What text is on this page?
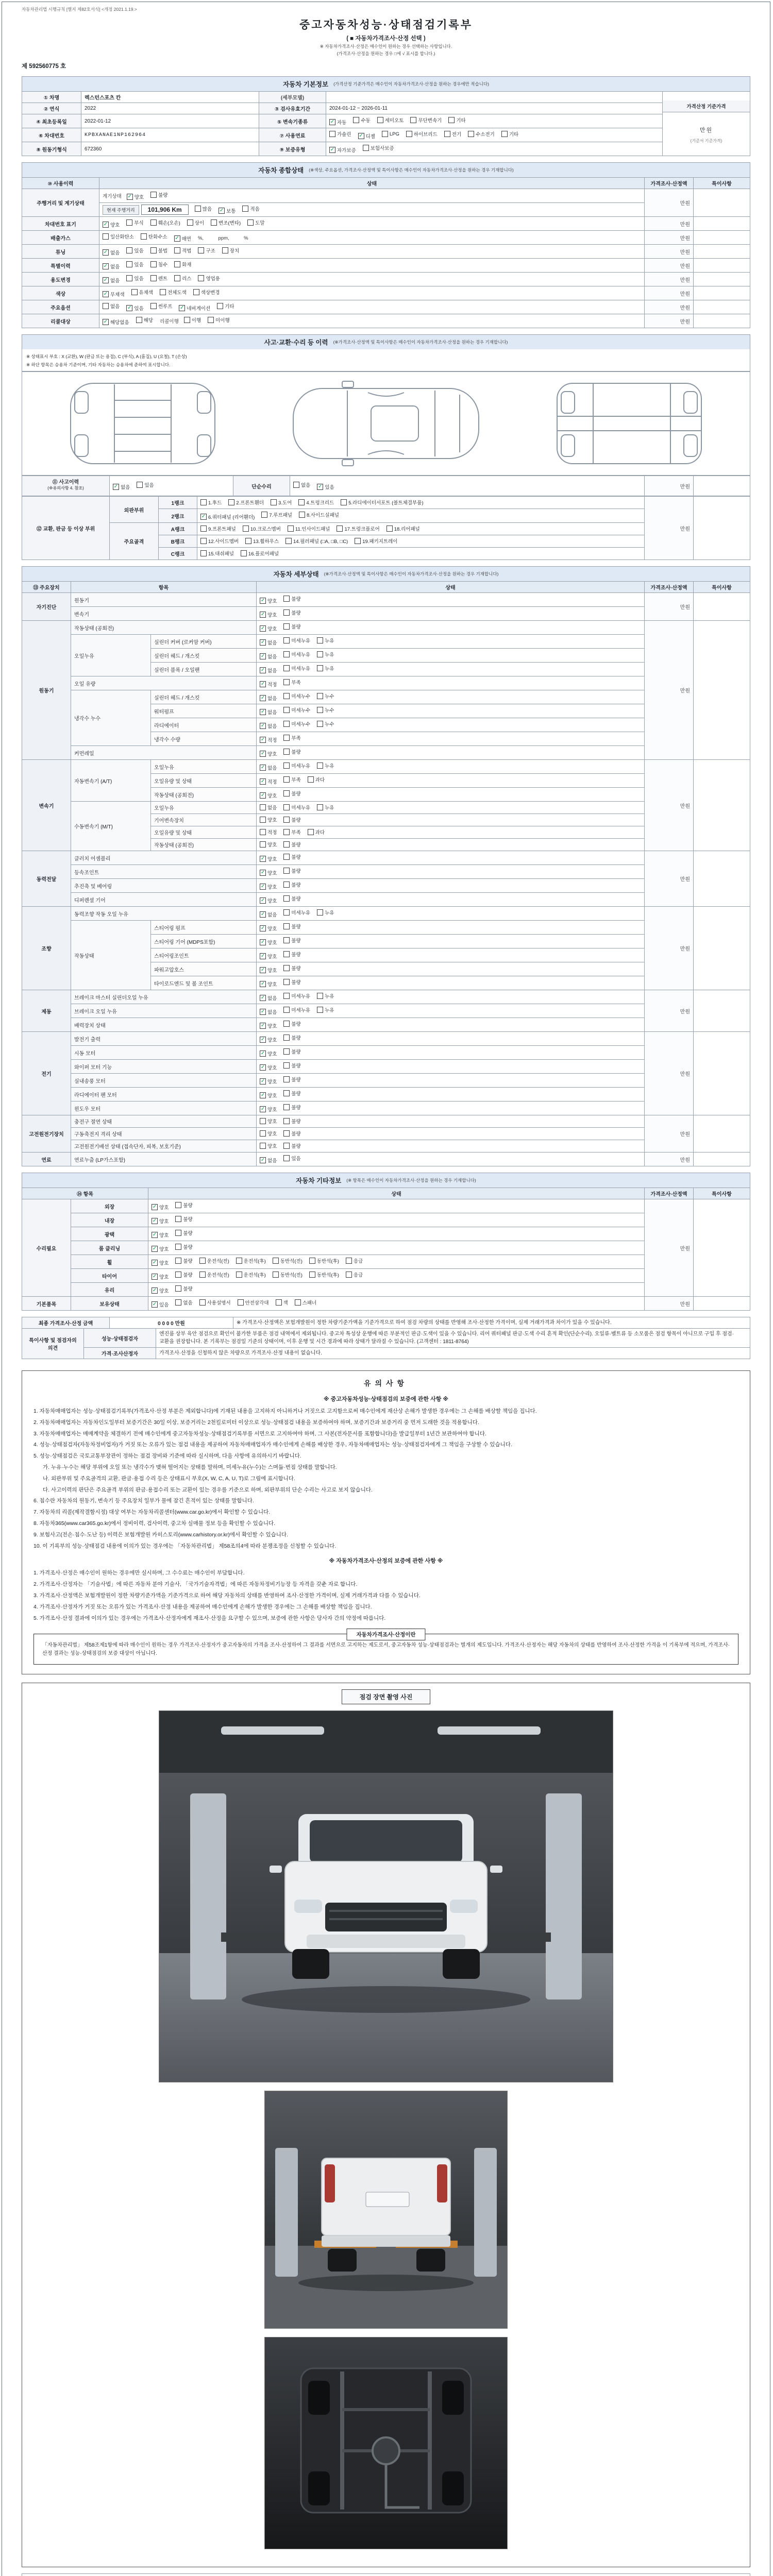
자동차관리법 시행규칙 [별지 제82호서식] <개정 2021.1.19.>
중고자동차성능·상태점검기록부
( ■ 자동차가격조사·산정 선택 )
※ 자동차가격조사·산정은 매수인이 원하는 경우 선택하는 사항입니다.
(가격조사·산정을 원하는 경우 □에 √ 표시를 합니다.)
제 592560775 호
자동차 기본정보 (가격산정 기준가격은 매수인이 자동차가격조사·산정을 원하는 경우에만 적습니다)
① 차명	렉스턴스포츠 칸	(세부모델)		가격산정 기준가격
만원
(기준서 기준가격)

② 연식	2022	③ 검사유효기간	2024-01-12 ~ 2026-01-11	
④ 최초등록일	2022-01-12	⑤ 변속기종류	✓ 자동	수동	세미오토	무단변속기	기타

⑥ 차대번호	KPBXANAE1NP162964	⑦ 사용연료	가솔린 ✓ 디젤	LPG	하이브리드	전기	수소전기	기타

⑧ 원동기형식	672360	⑨ 보증유형	✓ 자가보증 보험사보증	
자동차 종합상태 (※색상, 주요옵션, 가격조사·산정액 및 특이사항은 매수인이 자동차가격조사·산정을 원하는 경우 기재합니다)
⑩ 사용이력	상태	가격조사·산정액	특이사항
주행거리 및 계기상태	계기상태 ✓ 양호 불량	만원	
	현재 주행거리 101,906 Km 많음 ✓ 보통 적음		

차대번호 표기	✓ 양호	부식	훼손(오손)	상이	변조(변타)	도말	만원	
배출가스	일산화탄소 탄화수소 ✓ 매연 %,　　　ppm,　　　%	만원	
튜닝	✓ 없음	있음	불법	적법	구조	장치	만원	
특별이력	✓ 없음 있음 침수 화재	만원	
용도변경	✓ 없음	있음	렌트	리스	영업용	만원	
색상	✓ 무채색 유채색 전체도색 색상변경	만원	
주요옵션	없음 ✓ 있음	썬루프 ✓ 네비게이션	기타	만원	
리콜대상	✓ 해당없음	해당 리콜이행	이행	미이행	만원	
사고·교환·수리 등 이력 (※가격조사·산정액 및 특이사항은 매수인이 자동차가격조사·산정을 원하는 경우 기재합니다)
※ 상태표시 부호 : X (교환), W (판금 또는 용접), C (부식), A (흠집), U (요철), T (손상)
※ 하단 항목은 승용차 기준이며, 기타 자동차는 승용차에 준하여 표시합니다.
⑪ 사고이력
(※유의사항 4. 참조)	✓ 없음	있음	단순수리	없음 ✓ 있음	만원	
⑫ 교환, 판금 등 이상 부위	외판부위	1랭크	1.후드 2.프론트휀더 3.도어 4.트렁크리드 5.라디에이터서포트 (볼트체결부품)	만원	
		2랭크	✓ 6.쿼터패널 (리어휀더) 7.루프패널 8.사이드실패널		

	주요골격	A랭크	9.프론트패널 10.크로스멤버 11.인사이드패널 17.트렁크플로어 18.리어패널		

		B랭크	12.사이드멤버 13.휠하우스 14.필러패널 (□A, □B, □C) 19.패키지트레이		

		C랭크	15.대쉬패널 16.플로어패널		
자동차 세부상태 (※가격조사·산정액 및 특이사항은 매수인이 자동차가격조사·산정을 원하는 경우 기재합니다)
⑬ 주요장치	항목		상태	가격조사·산정액	특이사항
자기진단	원동기		✓ 양호 불량	만원	
	변속기		✓ 양호 불량		

원동기	작동상태 (공회전)		✓ 양호 불량	만원	
	오일누유	실린더 커버 (로커암 커버)	✓ 없음 미세누유 누유		

		실린더 헤드 / 개스킷	✓ 없음 미세누유 누유		

		실린더 블록 / 오일팬	✓ 없음 미세누유 누유		

	오일 유량		✓ 적정 부족		

	냉각수 누수	실린더 헤드 / 개스킷	✓ 없음 미세누수 누수		

		워터펌프	✓ 없음 미세누수 누수		

		라디에이터	✓ 없음 미세누수 누수		

		냉각수 수량	✓ 적정 부족		

	커먼레일		✓ 양호 불량		

변속기	자동변속기 (A/T)	오일누유	✓ 없음 미세누유 누유	만원	
		오일유량 및 상태	✓ 적정 부족 과다		

		작동상태 (공회전)	✓ 양호 불량		

	수동변속기 (M/T)	오일누유	없음 미세누유 누유		

		기어변속장치	양호 불량		

		오일유량 및 상태	적정 부족 과다		

		작동상태 (공회전)	양호 불량		

동력전달	클러치 어셈블리		✓ 양호 불량	만원	
	등속조인트		✓ 양호 불량		

	추진축 및 베어링		✓ 양호 불량		

	디퍼렌셜 기어		✓ 양호 불량		

조향	동력조향 작동 오일 누유		✓ 없음 미세누유 누유	만원	
	작동상태	스티어링 펌프	✓ 양호 불량		

		스티어링 기어 (MDPS포함)	✓ 양호 불량		

		스티어링조인트	✓ 양호 불량		

		파워고압호스	✓ 양호 불량		

		타이로드엔드 및 볼 조인트	✓ 양호 불량		

제동	브레이크 마스터 실린더오일 누유		✓ 없음 미세누유 누유	만원	
	브레이크 오일 누유		✓ 없음 미세누유 누유		

	배력장치 상태		✓ 양호 불량		

전기	발전기 출력		✓ 양호 불량	만원	
	시동 모터		✓ 양호 불량		

	와이퍼 모터 기능		✓ 양호 불량		

	실내송풍 모터		✓ 양호 불량		

	라디에이터 팬 모터		✓ 양호 불량		

	윈도우 모터		✓ 양호 불량		

고전원전기장치	충전구 절연 상태		양호 불량	만원	
	구동축전지 격리 상태		양호 불량		

	고전원전기배선 상태 (접속단자, 피복, 보호기준)		양호 불량		

연료	연료누출 (LP가스포함)		✓ 없음 있음	만원	
자동차 기타정보 (※ 항목은 매수인이 자동차가격조사·산정을 원하는 경우 기재합니다)
⑭ 항목		상태	가격조사·산정액	특이사항
수리필요	외장	✓ 양호 불량	만원	
	내장	✓ 양호 불량		

	광택	✓ 양호 불량		

	룸 클리닝	✓ 양호 불량		

휠	✓ 양호	불량	운전석(전)	운전석(후)	동반석(전)	동반석(후)	응급

타이어	✓ 양호	불량	운전석(전)	운전석(후)	동반석(전)	동반석(후)	응급

	유리	✓ 양호 불량		

기본품목	보유상태	✓ 있음	없음	사용설명서	안전삼각대	잭	스패너	만원	
최종 가격조사·산정 금액	0 0 0 0 만원	※ 가격조사·산정액은 보험개발원이 정한 차량기준가액을 기준가격으로 하여 점검 차량의 상태를 반영해 조사·산정한 가격이며, 실제 거래가격과 차이가 있을 수 있습니다.
특이사항 및 점검자의 의견	성능·상태점검자	엔진룸 상부 육안 점검으로 확인이 불가한 부품은 점검 내역에서 제외됩니다. 중고차 특성상 운행에 따른 부분적인 판금·도색이 있을 수 있습니다. 리어 쿼터패널 판금·도색 수리 흔적 확인(단순수리). 오일류·벨트류 등 소모품은 점검 항목이 아니므로 구입 후 점검·교환을 권장합니다. 본 기록부는 점검일 기준의 상태이며, 이후 운행 및 시간 경과에 따라 상태가 달라질 수 있습니다. (고객센터 : 1811-8764)
	가격·조사산정자	가격조사·산정을 신청하지 않은 차량으로 가격조사·산정 내용이 없습니다.
유의사항
※ 중고자동차성능·상태점검의 보증에 관한 사항 ※
1. 자동차매매업자는 성능·상태점검기록부(가격조사·산정 부분은 제외합니다)에 기재된 내용을 고지하지 아니하거나 거짓으로 고지함으로써 매수인에게 재산상 손해가 발생한 경우에는 그 손해를 배상할 책임을 집니다.
2. 자동차매매업자는 자동차인도일부터 보증기간은 30일 이상, 보증거리는 2천킬로미터 이상으로 성능·상태점검 내용을 보증하여야 하며, 보증기간과 보증거리 중 먼저 도래한 것을 적용합니다.
3. 자동차매매업자는 매매계약을 체결하기 전에 매수인에게 중고자동차성능·상태점검기록부를 서면으로 고지하여야 하며, 그 사본(전자문서를 포함합니다)을 발급일부터 1년간 보관하여야 합니다.
4. 성능·상태점검자(자동차정비업자)가 거짓 또는 오류가 있는 점검 내용을 제공하여 자동차매매업자가 매수인에게 손해를 배상한 경우, 자동차매매업자는 성능·상태점검자에게 그 책임을 구상할 수 있습니다.
5. 성능·상태점검은 국토교통부장관이 정하는 점검 장비와 기준에 따라 실시하며, 다음 사항에 유의하시기 바랍니다.
가. 누유·누수는 해당 부위에 오일 또는 냉각수가 맺혀 떨어지는 상태를 말하며, 미세누유(누수)는 스며듦·번짐 상태를 말합니다.
나. 외판부위 및 주요골격의 교환, 판금·용접 수리 등은 상태표시 부호(X, W, C, A, U, T)로 그림에 표시합니다.
다. 사고이력의 판단은 주요골격 부위의 판금·용접수리 또는 교환이 있는 경우를 기준으로 하며, 외판부위의 단순 수리는 사고로 보지 않습니다.
6. 침수란 자동차의 원동기, 변속기 등 주요장치 일부가 물에 잠긴 흔적이 있는 상태를 말합니다.
7. 자동차의 리콜(제작결함시정) 대상 여부는 자동차리콜센터(www.car.go.kr)에서 확인할 수 있습니다.
8. 자동차365(www.car365.go.kr)에서 정비이력, 검사이력, 중고차 실매물 정보 등을 확인할 수 있습니다.
9. 보험사고(전손·침수·도난 등) 이력은 보험개발원 카히스토리(www.carhistory.or.kr)에서 확인할 수 있습니다.
10. 이 기록부의 성능·상태점검 내용에 이의가 있는 경우에는 「자동차관리법」 제58조의4에 따라 분쟁조정을 신청할 수 있습니다.
※ 자동차가격조사·산정의 보증에 관한 사항 ※
1. 가격조사·산정은 매수인이 원하는 경우에만 실시하며, 그 수수료는 매수인이 부담합니다.
2. 가격조사·산정자는 「기술사법」에 따른 자동차 분야 기술사, 「국가기술자격법」에 따른 자동차정비기능장 등 자격을 갖춘 자로 합니다.
3. 가격조사·산정액은 보험개발원이 정한 차량기준가액을 기준가격으로 하여 해당 자동차의 상태를 반영하여 조사·산정한 가격이며, 실제 거래가격과 다를 수 있습니다.
4. 가격조사·산정자가 거짓 또는 오류가 있는 가격조사·산정 내용을 제공하여 매수인에게 손해가 발생한 경우에는 그 손해를 배상할 책임을 집니다.
5. 가격조사·산정 결과에 이의가 있는 경우에는 가격조사·산정자에게 재조사·산정을 요구할 수 있으며, 보증에 관한 사항은 당사자 간의 약정에 따릅니다.
자동차가격조사·산정이란
「자동차관리법」 제58조제1항에 따라 매수인이 원하는 경우 가격조사·산정자가 중고자동차의 가격을 조사·산정하여 그 결과를 서면으로 고지하는 제도로서, 중고자동차 성능·상태점검과는 별개의 제도입니다. 가격조사·산정자는 해당 자동차의 상태를 반영하여 조사·산정한 가격을 이 기록부에 적으며, 가격조사·산정 결과는 성능·상태점검의 보증 대상이 아닙니다.
점검 장면 촬영 사진
